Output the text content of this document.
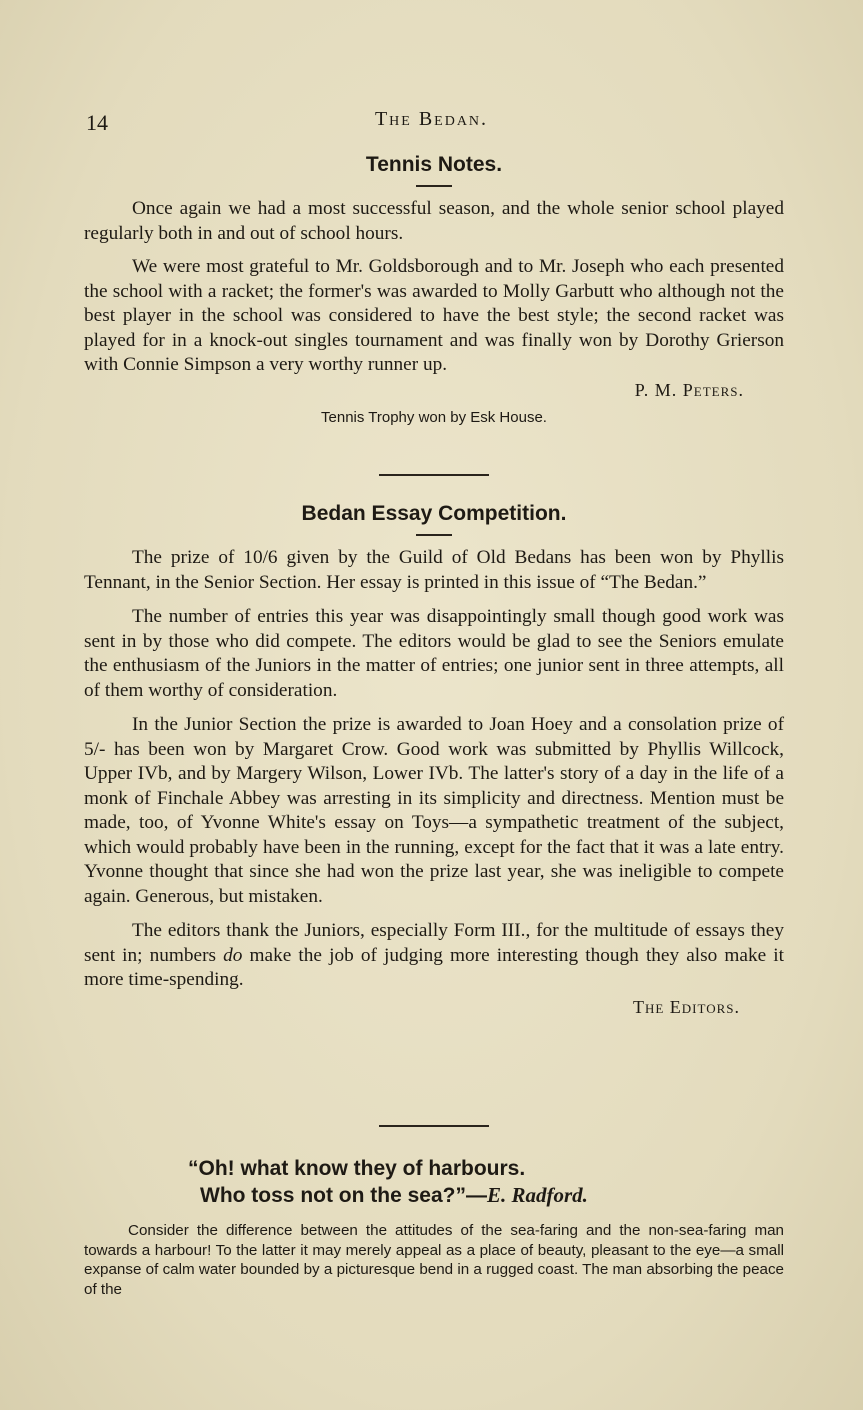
14	The Bedan.
Tennis Notes.

Once again we had a most successful season, and the whole senior school played regularly both in and out of school hours.

We were most grateful to Mr. Goldsborough and to Mr. Joseph who each presented the school with a racket; the former's was awarded to Molly Garbutt who although not the best player in the school was considered to have the best style; the second racket was played for in a knock-out singles tournament and was finally won by Dorothy Grierson with Connie Simpson a very worthy runner up.

P. M. Peters.
Tennis Trophy won by Esk House.
Bedan Essay Competition.

The prize of 10/6 given by the Guild of Old Bedans has been won by Phyllis Tennant, in the Senior Section. Her essay is printed in this issue of “The Bedan.”

The number of entries this year was disappointingly small though good work was sent in by those who did compete. The editors would be glad to see the Seniors emulate the enthusiasm of the Juniors in the matter of entries; one junior sent in three attempts, all of them worthy of consideration.

In the Junior Section the prize is awarded to Joan Hoey and a consolation prize of 5/- has been won by Margaret Crow. Good work was submitted by Phyllis Willcock, Upper IVb, and by Margery Wilson, Lower IVb. The latter's story of a day in the life of a monk of Finchale Abbey was arresting in its simplicity and directness. Mention must be made, too, of Yvonne White's essay on Toys—a sympathetic treatment of the subject, which would probably have been in the running, except for the fact that it was a late entry. Yvonne thought that since she had won the prize last year, she was ineligible to compete again. Generous, but mistaken.

The editors thank the Juniors, especially Form III., for the multitude of essays they sent in; numbers do make the job of judging more interesting though they also make it more time-spending.

The Editors.
“Oh! what know they of harbours.
Who toss not on the sea?”—E. Radford.

Consider the difference between the attitudes of the sea-faring and the non-sea-faring man towards a harbour! To the latter it may merely appeal as a place of beauty, pleasant to the eye—a small expanse of calm water bounded by a picturesque bend in a rugged coast. The man absorbing the peace of the
